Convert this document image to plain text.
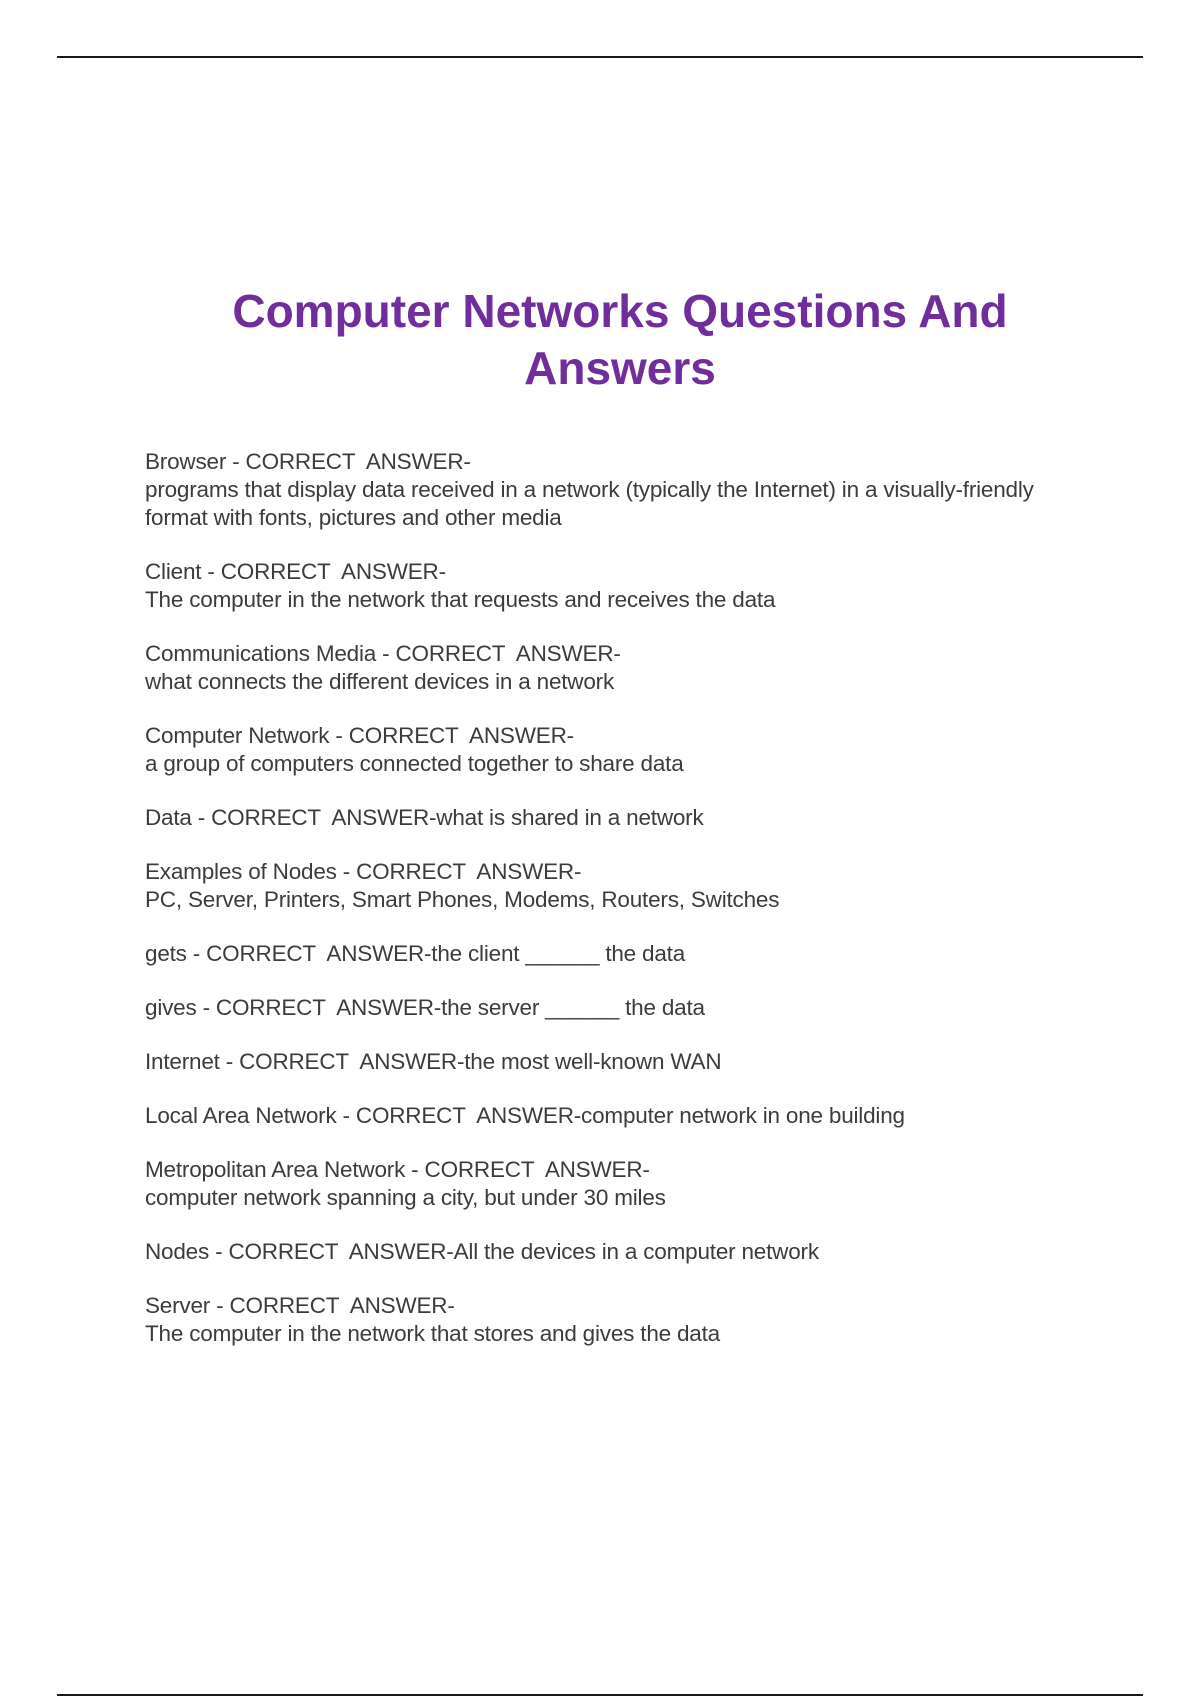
Computer Networks Questions And Answers
Browser - CORRECT  ANSWER-
programs that display data received in a network (typically the Internet) in a visually-friendly format with fonts, pictures and other media
Client - CORRECT  ANSWER-
The computer in the network that requests and receives the data
Communications Media - CORRECT  ANSWER-
what connects the different devices in a network
Computer Network - CORRECT  ANSWER-
a group of computers connected together to share data
Data - CORRECT  ANSWER-what is shared in a network
Examples of Nodes - CORRECT  ANSWER-
PC, Server, Printers, Smart Phones, Modems, Routers, Switches
gets - CORRECT  ANSWER-the client ______ the data
gives - CORRECT  ANSWER-the server ______ the data
Internet - CORRECT  ANSWER-the most well-known WAN
Local Area Network - CORRECT  ANSWER-computer network in one building
Metropolitan Area Network - CORRECT  ANSWER-
computer network spanning a city, but under 30 miles
Nodes - CORRECT  ANSWER-All the devices in a computer network
Server - CORRECT  ANSWER-
The computer in the network that stores and gives the data
